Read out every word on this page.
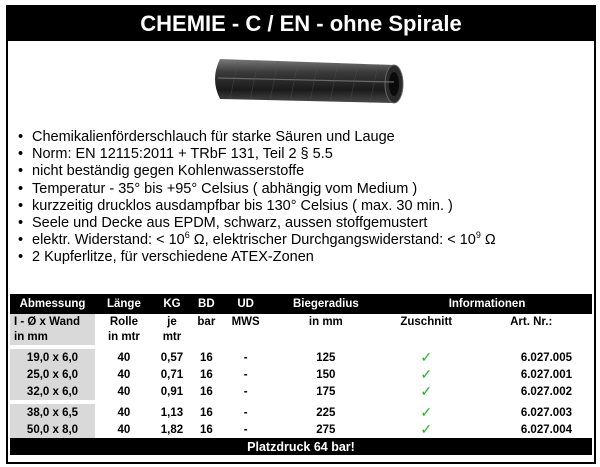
CHEMIE - C / EN - ohne Spirale
• Chemikalienförderschlauch für starke Säuren und Lauge
• Norm: EN 12115:2011 + TRbF 131, Teil 2 § 5.5
• nicht beständig gegen Kohlenwasserstoffe
• Temperatur - 35° bis +95° Celsius ( abhängig vom Medium )
• kurzzeitig drucklos ausdampfbar bis 130° Celsius ( max. 30 min. )
• Seele und Decke aus EPDM, schwarz, aussen stoffgemustert
• elektr. Widerstand: < $10^6$ Ω, elektrischer Durchgangswiderstand: < $10^9$ Ω
• 2 Kupferlitze, für verschiedene ATEX-Zonen
Abmessung	Länge	KG	BD	UD	Biegeradius	Informationen	
I - Ø x Wand	Rolle	je	bar	MWS	in mm	Zuschnitt	Art. Nr.:
in mm	in mtr	mtr					

19,0 x 6,0	40	0,57	16	-	125	✓	6.027.005
25,0 x 6,0	40	0,71	16	-	150	✓	6.027.001
32,0 x 6,0	40	0,91	16	-	175	✓	6.027.002

38,0 x 6,5	40	1,13	16	-	225	✓	6.027.003
50,0 x 8,0	40	1,82	16	-	275	✓	6.027.004
Platzdruck 64 bar!							
